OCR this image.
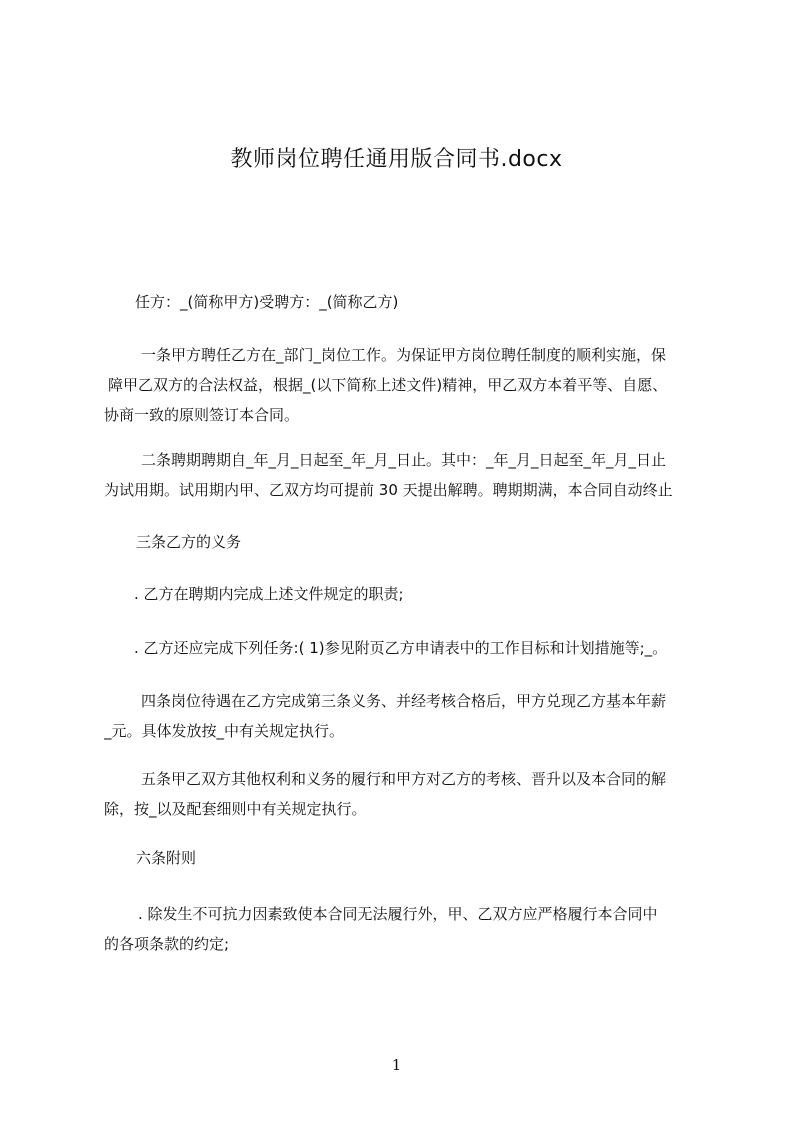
教师岗位聘任通用版合同书.docx
任方：_(简称甲方)受聘方：_(简称乙方)
一条甲方聘任乙方在_部门_岗位工作。为保证甲方岗位聘任制度的顺利实施，保
障甲乙双方的合法权益，根据_(以下简称上述文件)精神，甲乙双方本着平等、自愿、
协商一致的原则签订本合同。
二条聘期聘期自_年_月_日起至_年_月_日止。其中：_年_月_日起至_年_月_日止
为试用期。试用期内甲、乙双方均可提前 30 天提出解聘。聘期期满，本合同自动终止
三条乙方的义务
. 乙方在聘期内完成上述文件规定的职责;
. 乙方还应完成下列任务:( 1)参见附页乙方申请表中的工作目标和计划措施等;_。
四条岗位待遇在乙方完成第三条义务、并经考核合格后，甲方兑现乙方基本年薪
_元。具体发放按_中有关规定执行。
五条甲乙双方其他权利和义务的履行和甲方对乙方的考核、晋升以及本合同的解
除，按_以及配套细则中有关规定执行。
六条附则
. 除发生不可抗力因素致使本合同无法履行外，甲、乙双方应严格履行本合同中
的各项条款的约定;
1
